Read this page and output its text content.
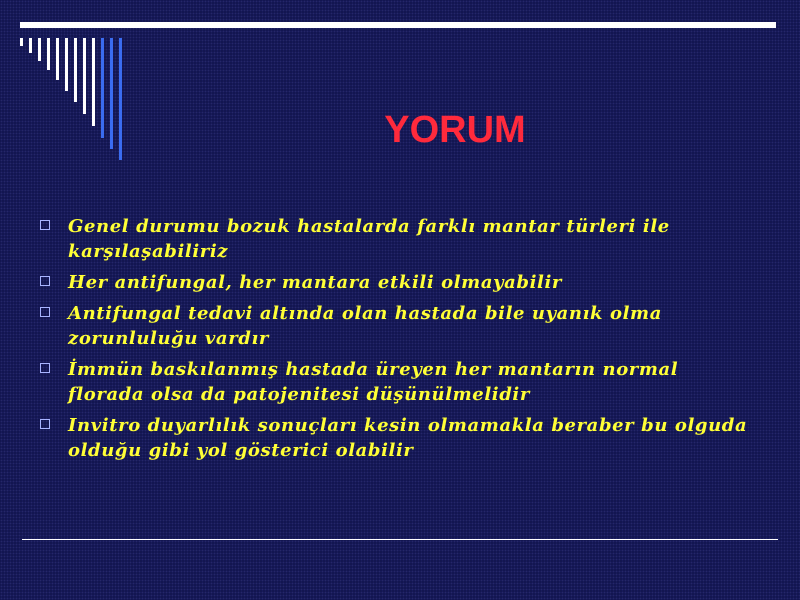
YORUM
Genel durumu bozuk hastalarda farklı mantar türleri ile karşılaşabiliriz
Her antifungal, her mantara etkili olmayabilir
Antifungal tedavi altında olan hastada bile uyanık olma zorunluluğu vardır
İmmün baskılanmış hastada üreyen her mantarın normal florada olsa da patojenitesi düşünülmelidir
Invitro duyarlılık sonuçları kesin olmamakla beraber bu olguda olduğu gibi yol gösterici olabilir
